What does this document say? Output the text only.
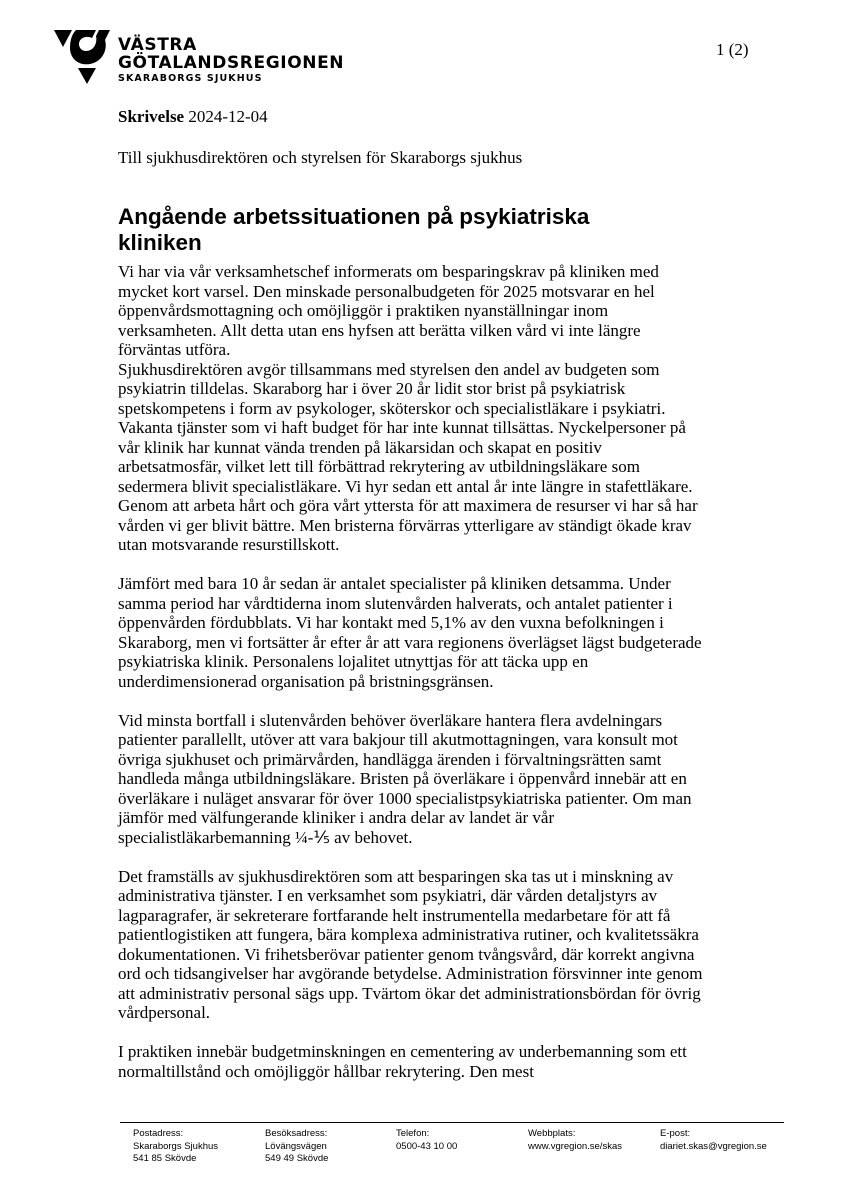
VÄSTRA
GÖTALANDSREGIONEN
SKARABORGS SJUKHUS
1 (2)
Skrivelse 2024-12-04
Till sjukhusdirektören och styrelsen för Skaraborgs sjukhus
Angående arbetssituationen på psykiatriska kliniken

Vi har via vår verksamhetschef informerats om besparingskrav på kliniken med mycket kort varsel. Den minskade personalbudgeten för 2025 motsvarar en hel öppenvårdsmottagning och omöjliggör i praktiken nyanställningar inom verksamheten. Allt detta utan ens hyfsen att berätta vilken vård vi inte längre förväntas utföra.

Sjukhusdirektören avgör tillsammans med styrelsen den andel av budgeten som psykiatrin tilldelas. Skaraborg har i över 20 år lidit stor brist på psykiatrisk spetskompetens i form av psykologer, sköterskor och specialistläkare i psykiatri. Vakanta tjänster som vi haft budget för har inte kunnat tillsättas. Nyckelpersoner på vår klinik har kunnat vända trenden på läkarsidan och skapat en positiv arbetsatmosfär, vilket lett till förbättrad rekrytering av utbildningsläkare som sedermera blivit specialistläkare. Vi hyr sedan ett antal år inte längre in stafettläkare. Genom att arbeta hårt och göra vårt yttersta för att maximera de resurser vi har så har vården vi ger blivit bättre. Men bristerna förvärras ytterligare av ständigt ökade krav utan motsvarande resurstillskott.

Jämfört med bara 10 år sedan är antalet specialister på kliniken detsamma. Under samma period har vårdtiderna inom slutenvården halverats, och antalet patienter i öppenvården fördubblats. Vi har kontakt med 5,1% av den vuxna befolkningen i Skaraborg, men vi fortsätter år efter år att vara regionens överlägset lägst budgeterade psykiatriska klinik. Personalens lojalitet utnyttjas för att täcka upp en underdimensionerad organisation på bristningsgränsen.

Vid minsta bortfall i slutenvården behöver överläkare hantera flera avdelningars patienter parallellt, utöver att vara bakjour till akutmottagningen, vara konsult mot övriga sjukhuset och primärvården, handlägga ärenden i förvaltningsrätten samt handleda många utbildningsläkare. Bristen på överläkare i öppenvård innebär att en överläkare i nuläget ansvarar för över 1000 specialistpsykiatriska patienter. Om man jämför med välfungerande kliniker i andra delar av landet är vår specialistläkarbemanning ¼-⅕ av behovet.

Det framställs av sjukhusdirektören som att besparingen ska tas ut i minskning av administrativa tjänster. I en verksamhet som psykiatri, där vården detaljstyrs av lagparagrafer, är sekreterare fortfarande helt instrumentella medarbetare för att få patientlogistiken att fungera, bära komplexa administrativa rutiner, och kvalitetssäkra dokumentationen. Vi frihetsberövar patienter genom tvångsvård, där korrekt angivna ord och tidsangivelser har avgörande betydelse. Administration försvinner inte genom att administrativ personal sägs upp. Tvärtom ökar det administrationsbördan för övrig vårdpersonal.

I praktiken innebär budgetminskningen en cementering av underbemanning som ett normaltillstånd och omöjliggör hållbar rekrytering. Den mest

Postadress:
Skaraborgs Sjukhus
541 85 Skövde
Besöksadress:
Lövängsvägen
549 49 Skövde
Telefon:
0500-43 10 00
Webbplats:
www.vgregion.se/skas
E-post:
diariet.skas@vgregion.se
